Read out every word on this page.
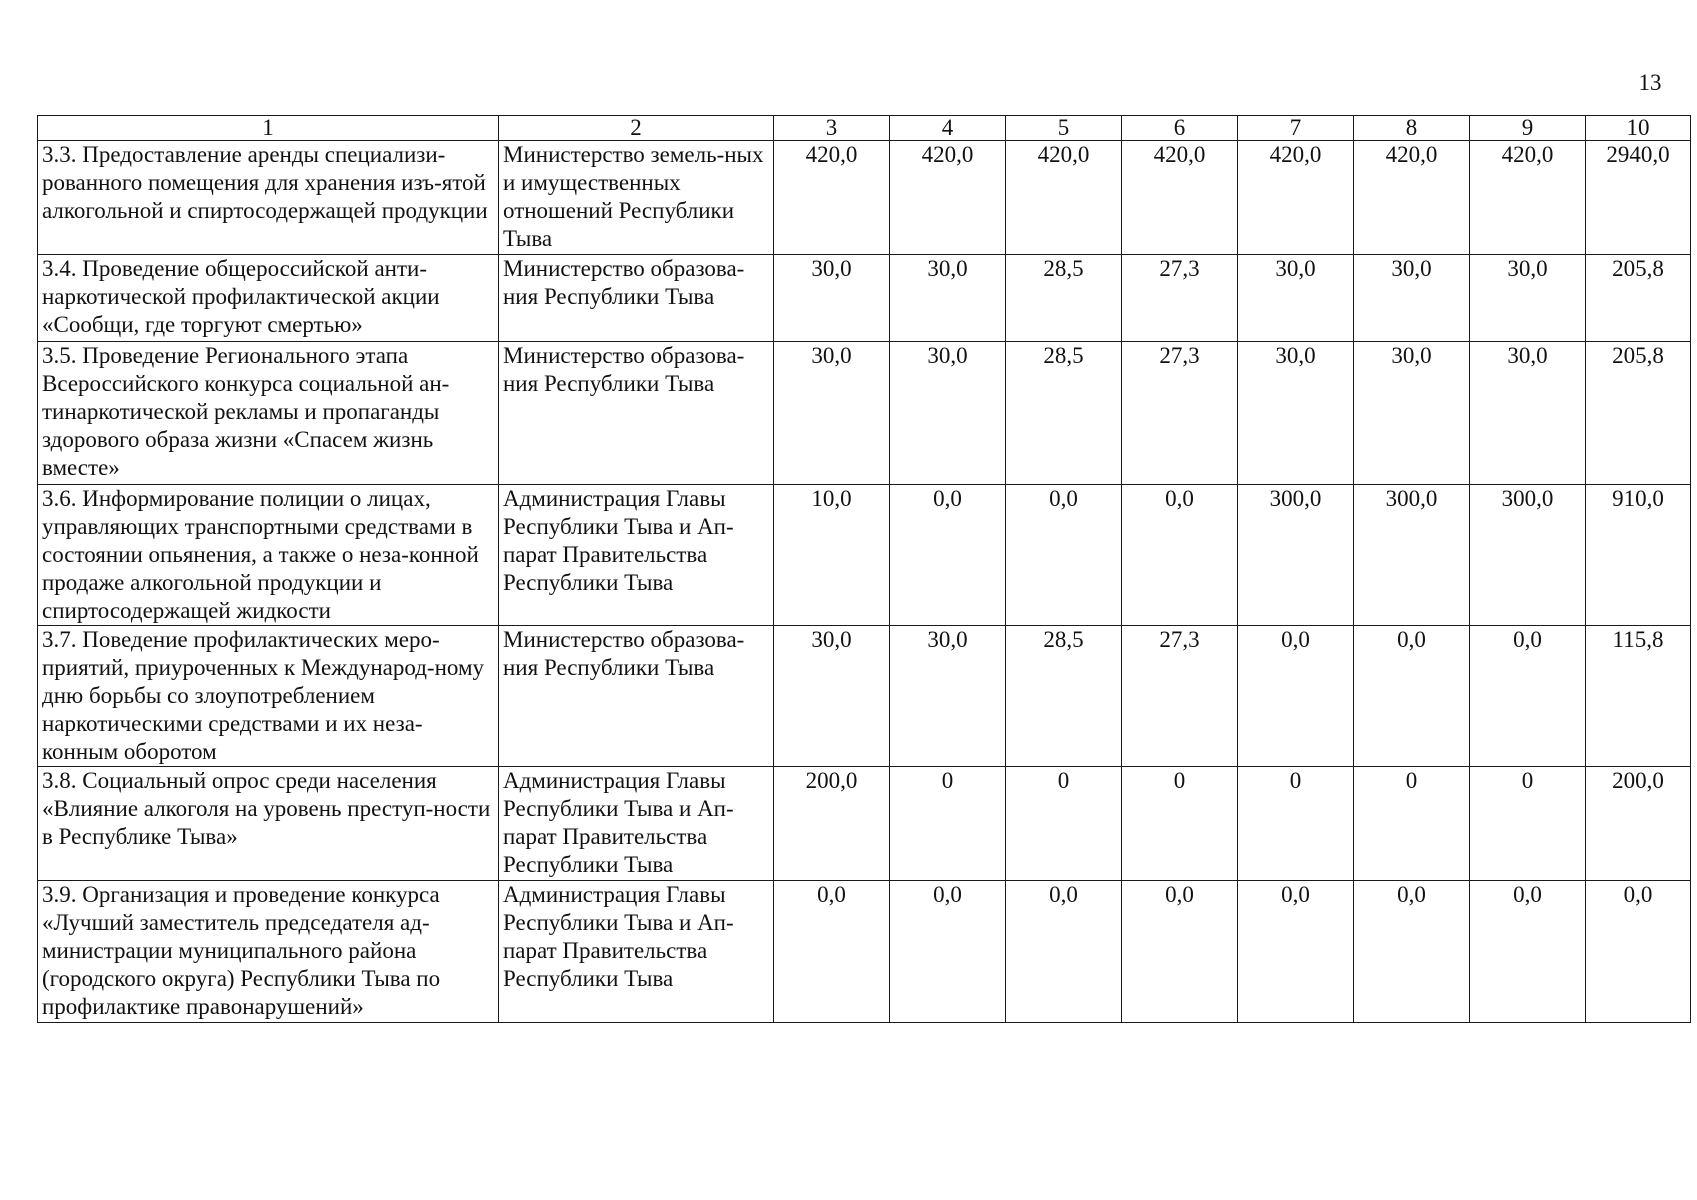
13
1	2	3	4	5	6	7	8	9	10
3.3. Предоставление аренды специализи-рованного помещения для хранения изъ-ятой алкогольной и спиртосодержащей продукции	Министерство земель-ных и имущественных отношений Республики Тыва	420,0	420,0	420,0	420,0	420,0	420,0	420,0	2940,0
3.4. Проведение общероссийской анти-наркотической профилактической акции «Сообщи, где торгуют смертью»	Министерство образова-ния Республики Тыва	30,0	30,0	28,5	27,3	30,0	30,0	30,0	205,8
3.5. Проведение Регионального этапа Всероссийского конкурса социальной ан-тинаркотической рекламы и пропаганды здорового образа жизни «Спасем жизнь вместе»	Министерство образова-ния Республики Тыва	30,0	30,0	28,5	27,3	30,0	30,0	30,0	205,8
3.6. Информирование полиции о лицах, управляющих транспортными средствами в состоянии опьянения, а также о неза-конной продаже алкогольной продукции и спиртосодержащей жидкости	Администрация Главы Республики Тыва и Ап-парат Правительства Республики Тыва	10,0	0,0	0,0	0,0	300,0	300,0	300,0	910,0
3.7. Поведение профилактических меро-приятий, приуроченных к Международ-ному дню борьбы со злоупотреблением наркотическими средствами и их неза-конным оборотом	Министерство образова-ния Республики Тыва	30,0	30,0	28,5	27,3	0,0	0,0	0,0	115,8
3.8. Социальный опрос среди населения «Влияние алкоголя на уровень преступ-ности в Республике Тыва»	Администрация Главы Республики Тыва и Ап-парат Правительства Республики Тыва	200,0	0	0	0	0	0	0	200,0
3.9. Организация и проведение конкурса «Лучший заместитель председателя ад-министрации муниципального района (городского округа) Республики Тыва по профилактике правонарушений»	Администрация Главы Республики Тыва и Ап-парат Правительства Республики Тыва	0,0	0,0	0,0	0,0	0,0	0,0	0,0	0,0
